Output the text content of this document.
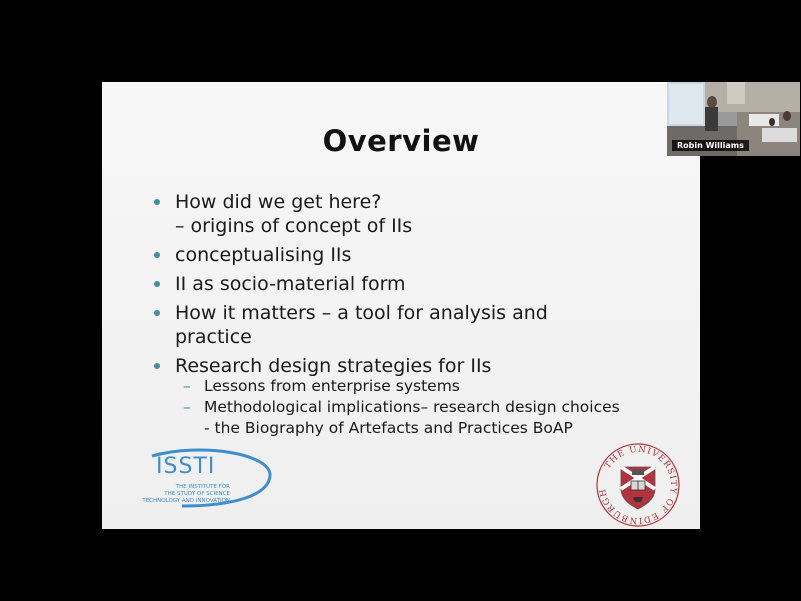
Overview
How did we get here?
– origins of concept of IIs
conceptualising IIs
II as socio-material form
How it matters – a tool for analysis and
practice
Research design strategies for IIs
– Lessons from enterprise systems
– Methodological implications– research design choices
- the Biography of Artefacts and Practices BoAP
ISSTI
THE INSTITUTE FOR
THE STUDY OF SCIENCE
TECHNOLOGY AND INNOVATION
THE UNIVERSITY OF EDINBURGH
Robin Williams
